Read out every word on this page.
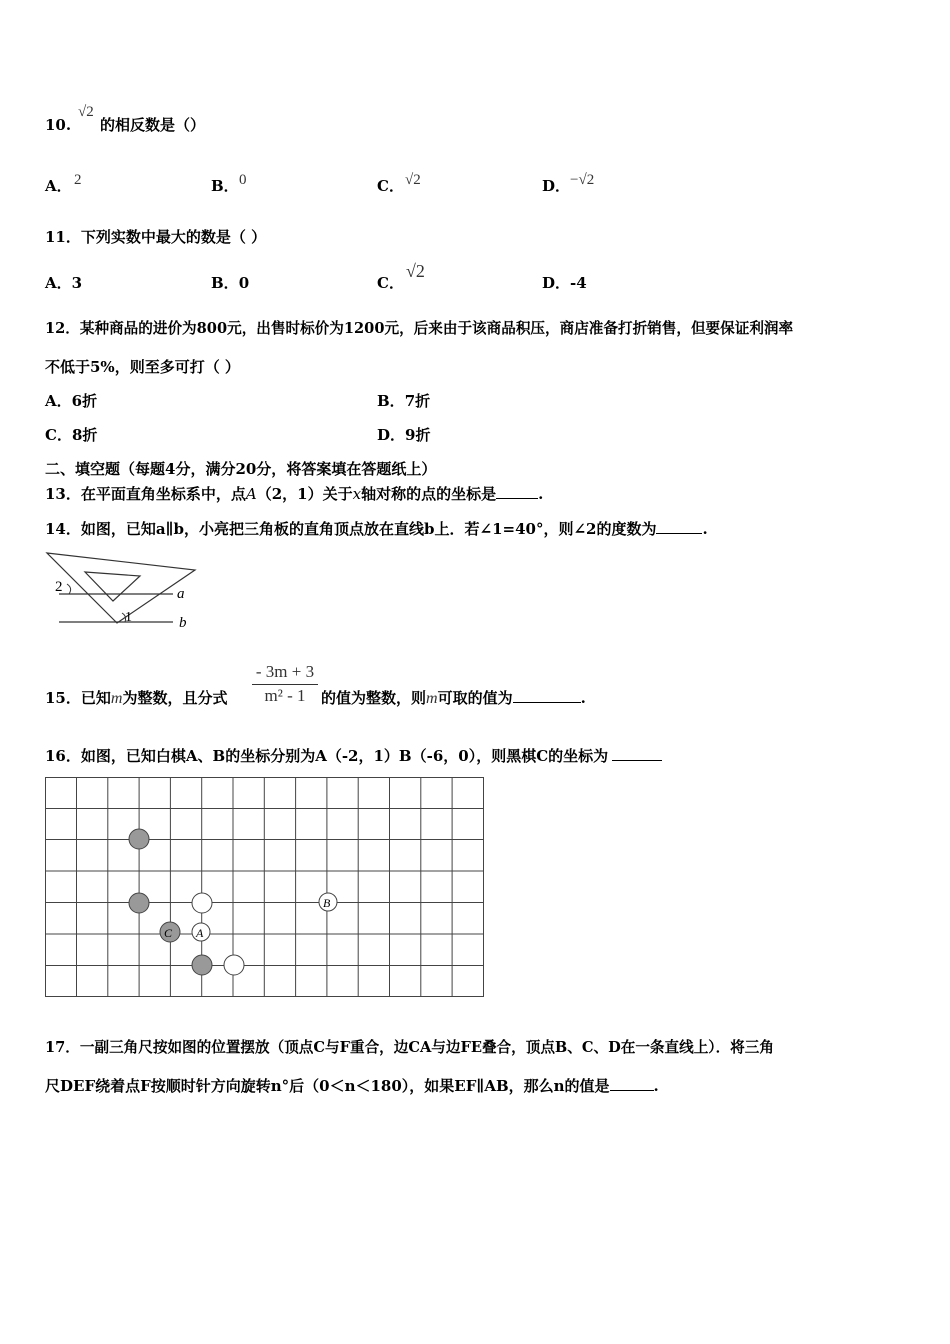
10.
√2
的相反数是（）
A． 2	B． 0	C． √2	D． −√2
11．下列实数中最大的数是（ ）
A．3	B．0	C．
√2
D．-4
12．某种商品的进价为800元，出售时标价为1200元，后来由于该商品积压，商店准备打折销售，但要保证利润率
不低于5%，则至多可打（ ）
A．6折	B．7折
C．8折	D．9折
二、填空题（每题4分，满分20分，将答案填在答题纸上）
13．在平面直角坐标系中，点A（2，1）关于x轴对称的点的坐标是	.
14．如图，已知a∥b，小亮把三角板的直角顶点放在直线b上．若∠1=40°，则∠2的度数为	.
2
1
a
b
15．已知m为整数，且分式
- 3m + 3
m² - 1	的值为整数，则m可取的值为	.
16．如图，已知白棋A、B的坐标分别为A（-2，1）B（-6，0），则黑棋C的坐标为
B
C A
17．一副三角尺按如图的位置摆放（顶点C与F重合，边CA与边FE叠合，顶点B、C、D在一条直线上）．将三角
尺DEF绕着点F按顺时针方向旋转n°后（0＜n＜180），如果EF∥AB，那么n的值是	.
